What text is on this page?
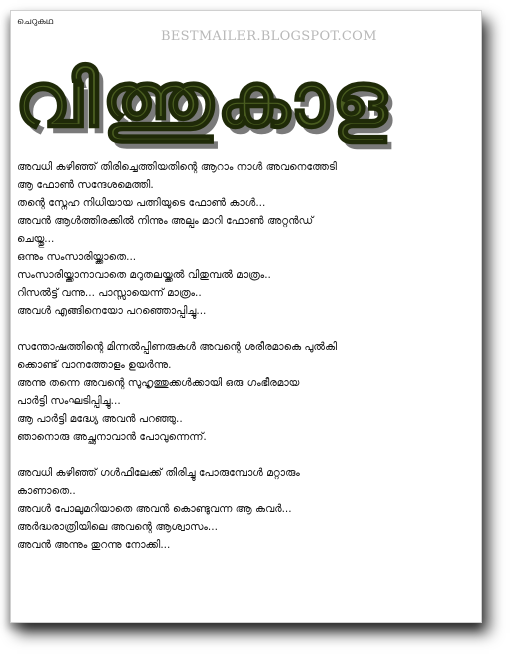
ചെറുകഥ
BESTMAILER.BLOGSPOT.COM
വിത്തുകാള
അവധി കഴിഞ്ഞ് തിരിച്ചെത്തിയതിന്റെ ആറാം നാള്‍ അവനെത്തേടി
ആ ഫോണ്‍ സന്ദേശമെത്തി.
തന്റെ സ്നേഹ നിധിയായ പത്നിയുടെ ഫോണ്‍ കാള്‍...
അവന്‍ ആള്‍ത്തിരക്കില്‍ നിന്നും അല്പം മാറി ഫോണ്‍ അറ്റന്‍ഡ്
ചെയ്തു...
ഒന്നും സംസാരിയ്ക്കാതെ...
സംസാരിയ്ക്കാനാവാതെ മറുതലയ്ക്കല്‍ വിതുമ്പല്‍ മാത്രം..
റിസല്‍ട്ട് വന്നു... പാസ്സായെന്ന് മാത്രം..
അവള്‍ എങ്ങിനെയോ പറഞ്ഞൊപ്പിച്ചു...
സന്തോഷത്തിന്റെ മിന്നല്‍പ്പിണരുകള്‍ അവന്റെ ശരീരമാകെ പുല്‍കി
ക്കൊണ്ട് വാനത്തോളം ഉയര്‍ന്നു.
അന്നു തന്നെ അവന്റെ സുഹൃത്തുക്കള്‍ക്കായി ഒരു ഗംഭീരമായ
പാര്‍ട്ടി സംഘടിപ്പിച്ചു...
ആ പാര്‍ട്ടി മദ്ധ്യേ അവന്‍ പറഞ്ഞു..
ഞാനൊരു അച്ഛനാവാന്‍ പോവുന്നെന്ന്.
അവധി കഴിഞ്ഞ് ഗള്‍ഫിലേക്ക് തിരിച്ചു പോരുമ്പോള്‍ മറ്റാരും
കാണാതെ..
അവള്‍ പോലുമറിയാതെ അവന്‍ കൊണ്ടുവന്ന ആ കവര്‍...
അര്‍ദ്ധരാത്രിയിലെ അവന്റെ ആശ്വാസം...
അവന്‍ അന്നും തുറന്നു നോക്കി...
